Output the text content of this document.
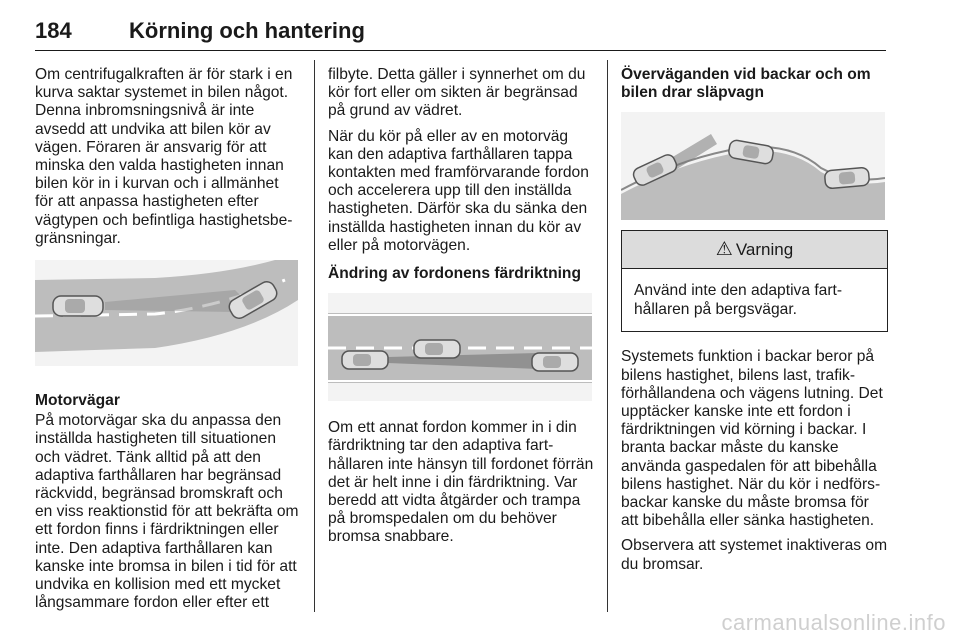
184	Körning och hantering

Om centrifugalkraften är för stark i en kurva saktar systemet in bilen något. Denna inbromsningsnivå är inte avsedd att undvika att bilen kör av vägen. Föraren är ansvarig för att minska den valda hastigheten innan bilen kör in i kurvan och i allmänhet för att anpassa hastigheten efter vägtypen och befintliga hastighetsbegränsningar.

Motorvägar

På motorvägar ska du anpassa den inställda hastigheten till situationen och vädret. Tänk alltid på att den adaptiva farthållaren har begränsad räckvidd, begränsad bromskraft och en viss reaktionstid för att bekräfta om ett fordon finns i färdriktningen eller inte. Den adaptiva farthållaren kan kanske inte bromsa in bilen i tid för att undvika en kollision med ett mycket långsammare fordon eller efter ett

filbyte. Detta gäller i synnerhet om du kör fort eller om sikten är begränsad på grund av vädret.

När du kör på eller av en motorväg kan den adaptiva farthållaren tappa kontakten med framförvarande fordon och accelerera upp till den inställda hastigheten. Därför ska du sänka den inställda hastigheten innan du kör av eller på motorvägen.

Ändring av fordonens färdriktning

Om ett annat fordon kommer in i din färdriktning tar den adaptiva farthållaren inte hänsyn till fordonet förrän det är helt inne i din färdriktning. Var beredd att vidta åtgärder och trampa på bromspedalen om du behöver bromsa snabbare.

Överväganden vid backar och om bilen drar släpvagn
⚠ Varning
Använd inte den adaptiva farthållaren på bergsvägar.

Systemets funktion i backar beror på bilens hastighet, bilens last, trafikförhållandena och vägens lutning. Det upptäcker kanske inte ett fordon i färdriktningen vid körning i backar. I branta backar måste du kanske använda gaspedalen för att bibehålla bilens hastighet. När du kör i nedförsbackar kanske du måste bromsa för att bibehålla eller sänka hastigheten.

Observera att systemet inaktiveras om du bromsar.

carmanualsonline.info
